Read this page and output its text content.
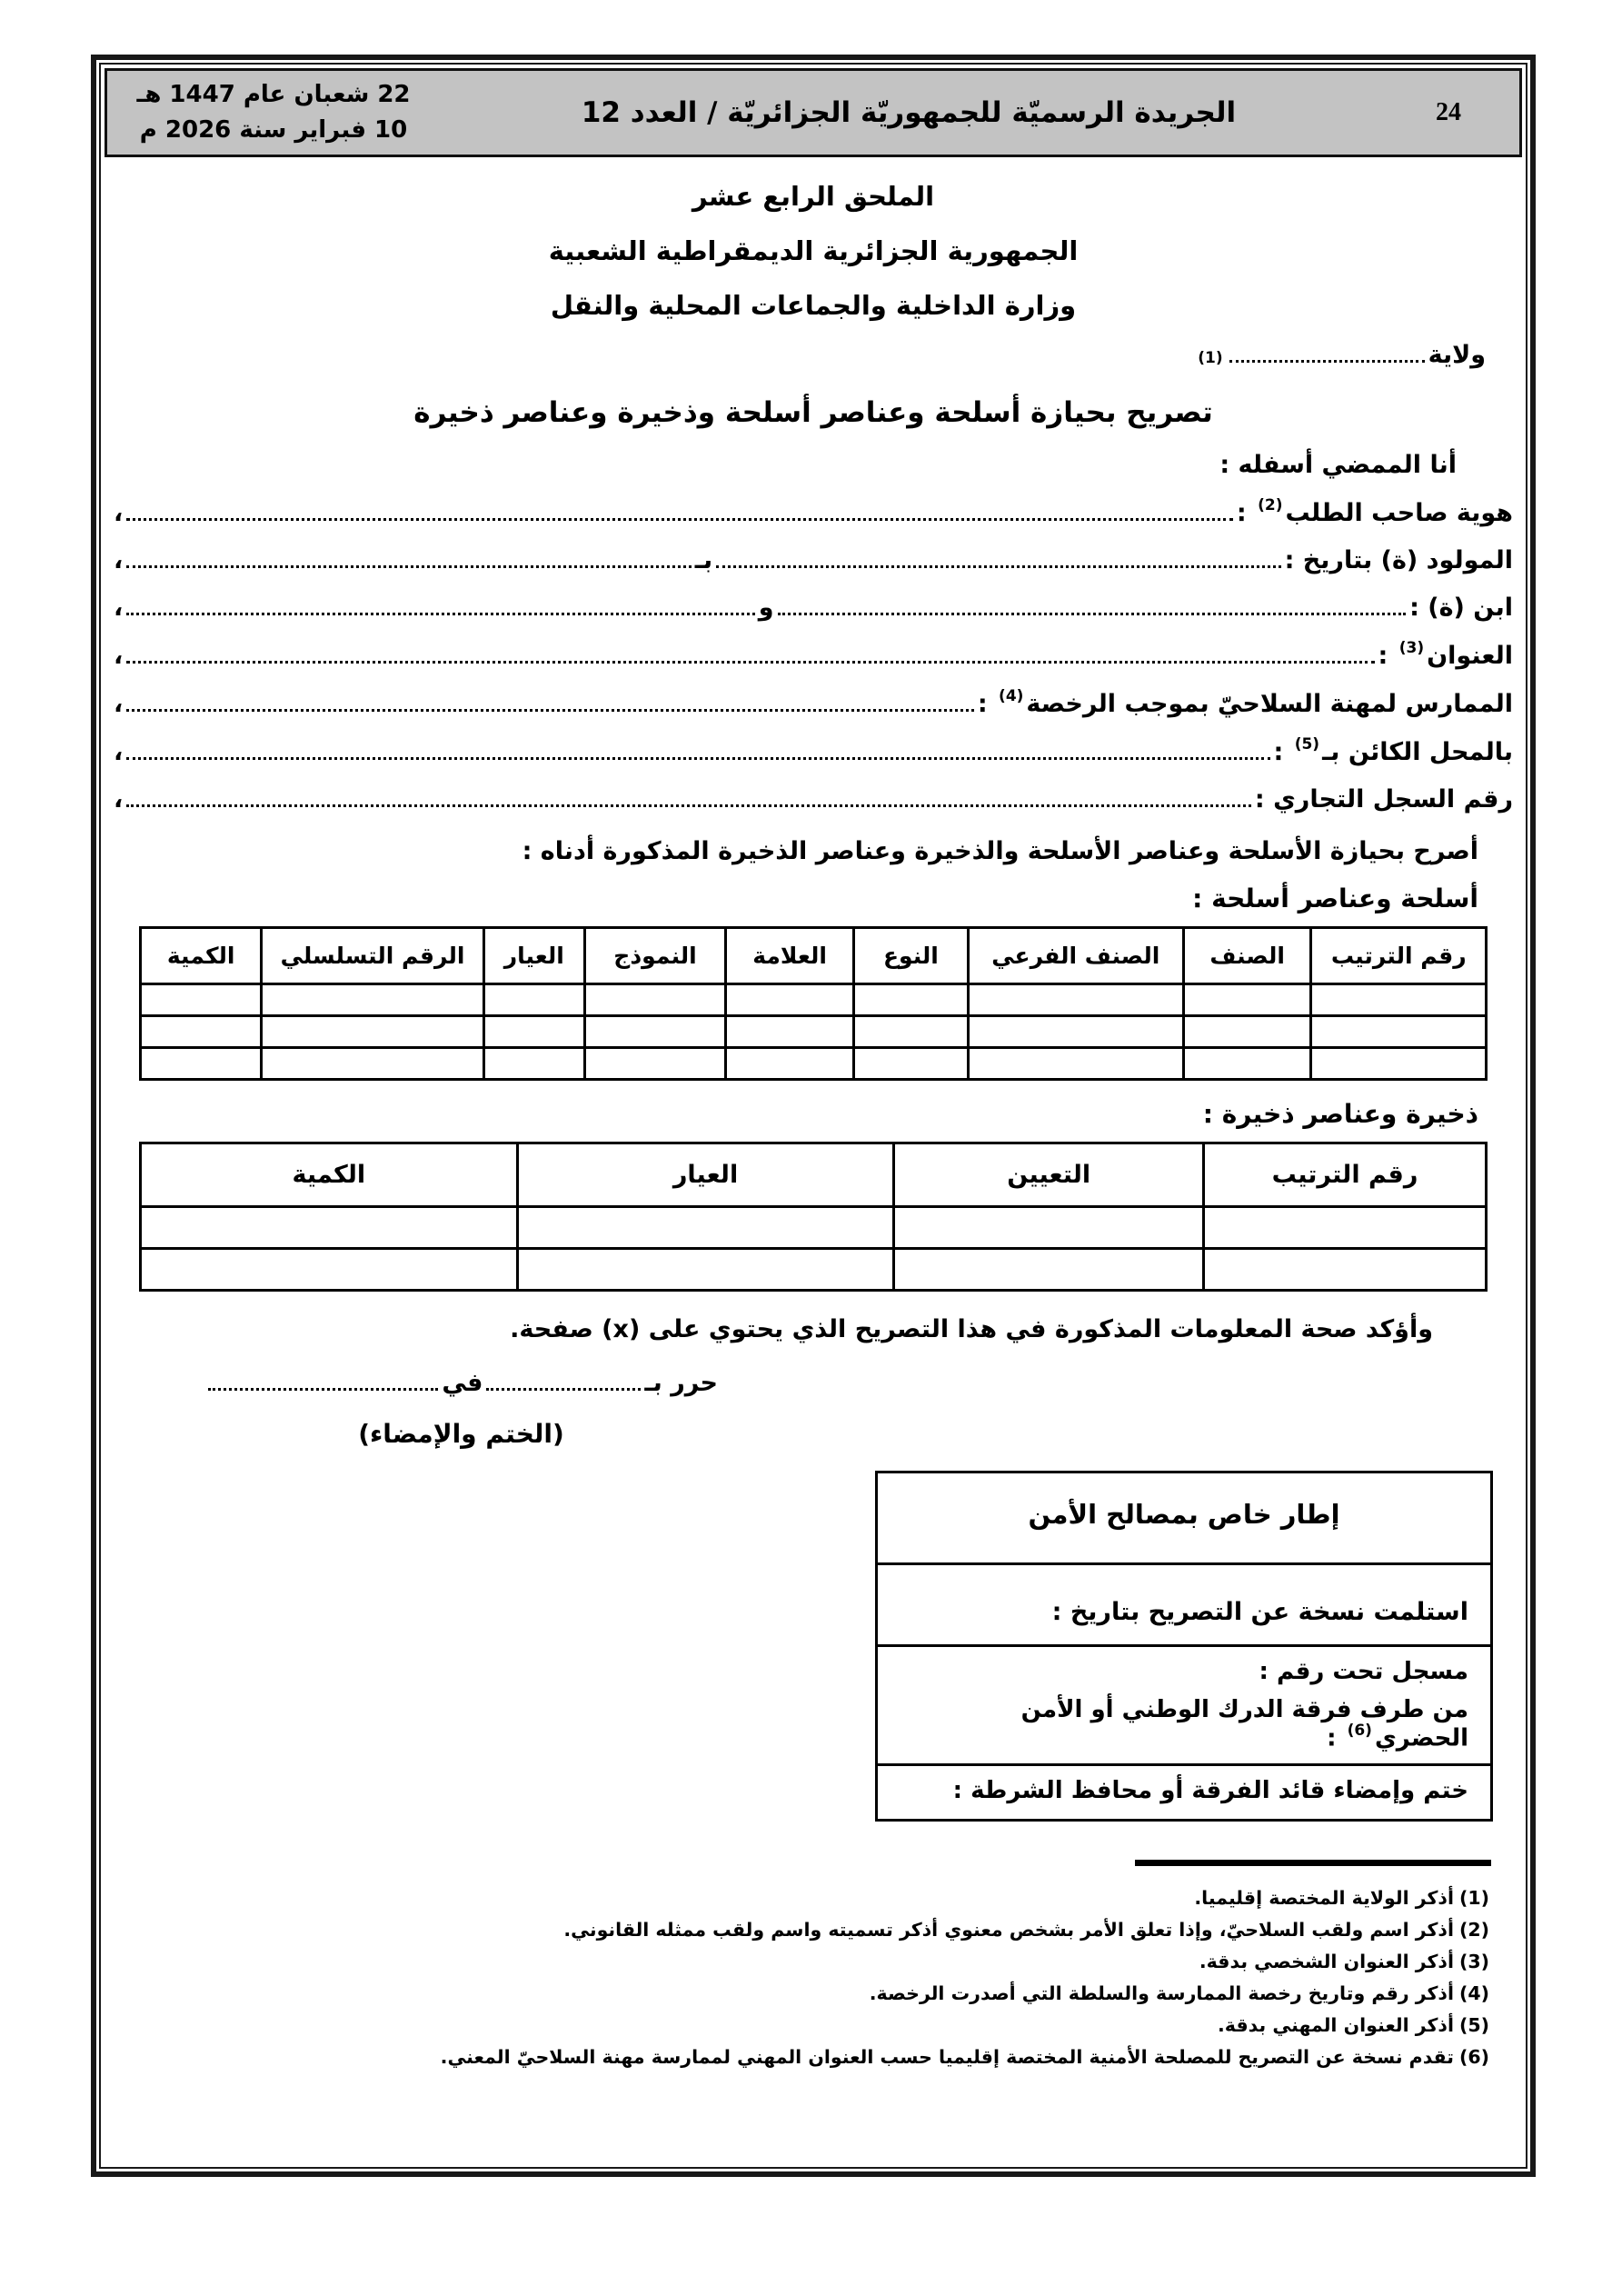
24
الجريدة الرسميّة للجمهوريّة الجزائريّة / العدد 12
22 شعبان عام 1447 هـ
10 فبراير سنة 2026 م
الملحق الرابع عشر
الجمهورية الجزائرية الديمقراطية الشعبية
وزارة الداخلية والجماعات المحلية والنقل
ولاية
$^{(1)}$
تصريح بحيازة أسلحة وعناصر أسلحة وذخيرة وعناصر ذخيرة
أنا الممضي أسفله :
هوية صاحب الطلب$^{(2)}$ :
،
المولود (ة) بتاريخ :
بـ
،
ابن (ة) :
و
،
العنوان$^{(3)}$ :
،
الممارس لمهنة السلاحيّ بموجب الرخصة$^{(4)}$ :
،
بالمحل الكائن بـ$^{(5)}$ :
،
رقم السجل التجاري :
،
أصرح بحيازة الأسلحة وعناصر الأسلحة والذخيرة وعناصر الذخيرة المذكورة أدناه :
أسلحة وعناصر أسلحة :
رقم الترتيب	الصنف	الصنف الفرعي	النوع	العلامة	النموذج	العيار	الرقم التسلسلي	الكمية

ذخيرة وعناصر ذخيرة :
رقم الترتيب	التعيين	العيار	الكمية

وأؤكد صحة المعلومات المذكورة في هذا التصريح الذي يحتوي على (x) صفحة.
حرر بـ
في
(الختم والإمضاء)
إطار خاص بمصالح الأمن
استلمت نسخة عن التصريح بتاريخ :
مسجل تحت رقم :
من طرف فرقة الدرك الوطني أو الأمن الحضري$^{(6)}$ :
ختم وإمضاء قائد الفرقة أو محافظ الشرطة :
(1)أذكر الولاية المختصة إقليميا.
(2)أذكر اسم ولقب السلاحيّ، وإذا تعلق الأمر بشخص معنوي أذكر تسميته واسم ولقب ممثله القانوني.
(3)أذكر العنوان الشخصي بدقة.
(4)أذكر رقم وتاريخ رخصة الممارسة والسلطة التي أصدرت الرخصة.
(5)أذكر العنوان المهني بدقة.
(6)تقدم نسخة عن التصريح للمصلحة الأمنية المختصة إقليميا حسب العنوان المهني لممارسة مهنة السلاحيّ المعني.
